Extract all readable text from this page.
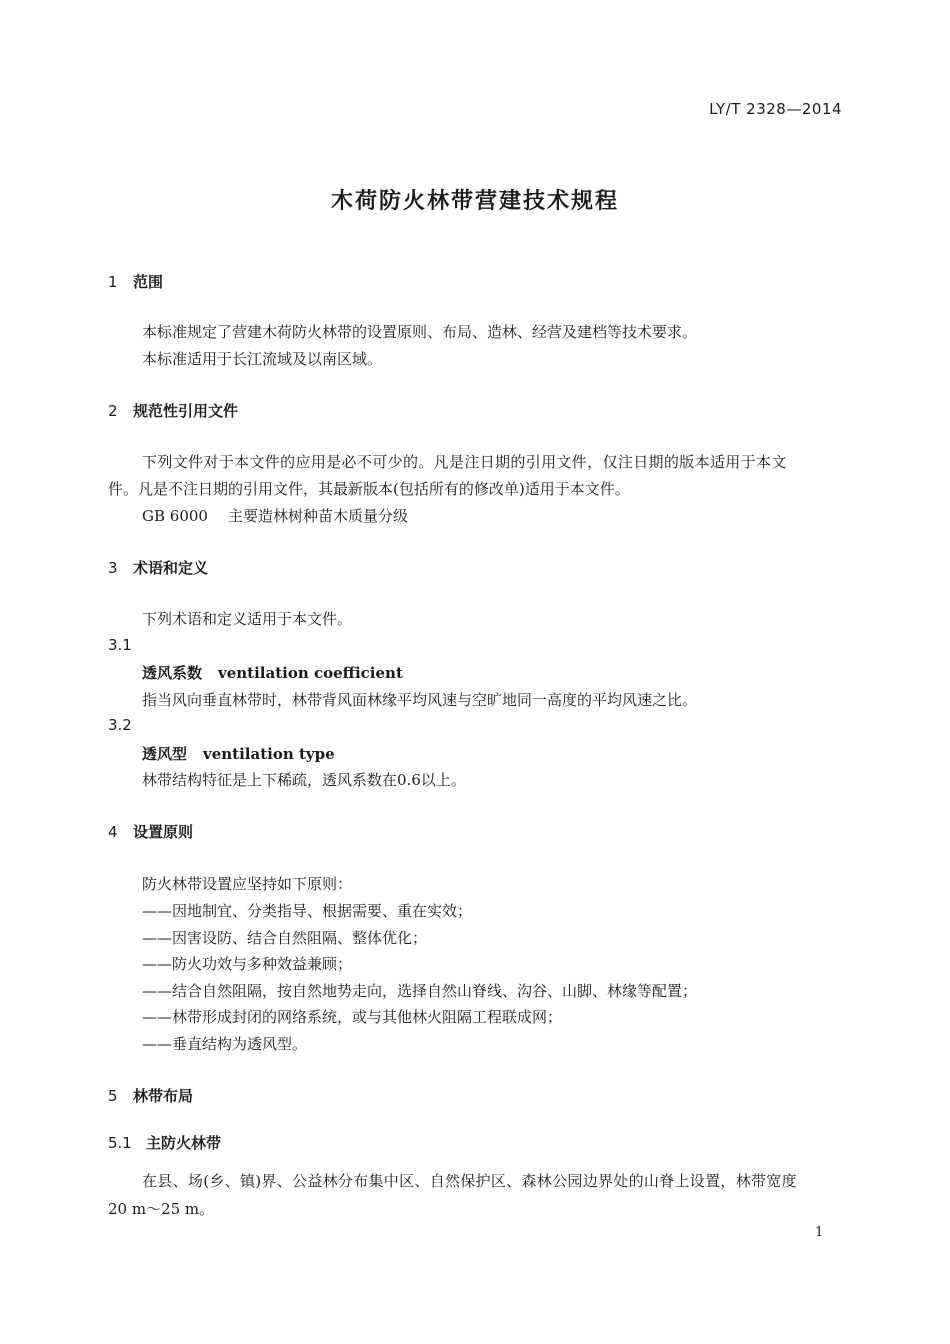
LY/T 2328—2014
木荷防火林带营建技术规程
1 范围
本标准规定了营建木荷防火林带的设置原则、布局、造林、经营及建档等技术要求。
本标准适用于长江流域及以南区域。
2 规范性引用文件
下列文件对于本文件的应用是必不可少的。凡是注日期的引用文件，仅注日期的版本适用于本文
件。凡是不注日期的引用文件，其最新版本(包括所有的修改单)适用于本文件。
GB 6000 主要造林树种苗木质量分级
3 术语和定义
下列术语和定义适用于本文件。
3.1
透风系数 ventilation coefficient
指当风向垂直林带时，林带背风面林缘平均风速与空旷地同一高度的平均风速之比。
3.2
透风型 ventilation type
林带结构特征是上下稀疏，透风系数在0.6以上。
4 设置原则
防火林带设置应坚持如下原则：
——因地制宜、分类指导、根据需要、重在实效；
——因害设防、结合自然阻隔、整体优化；
——防火功效与多种效益兼顾；
——结合自然阻隔，按自然地势走向，选择自然山脊线、沟谷、山脚、林缘等配置；
——林带形成封闭的网络系统，或与其他林火阻隔工程联成网；
——垂直结构为透风型。
5 林带布局
5.1 主防火林带
在县、场(乡、镇)界、公益林分布集中区、自然保护区、森林公园边界处的山脊上设置，林带宽度
20 m～25 m。
1
